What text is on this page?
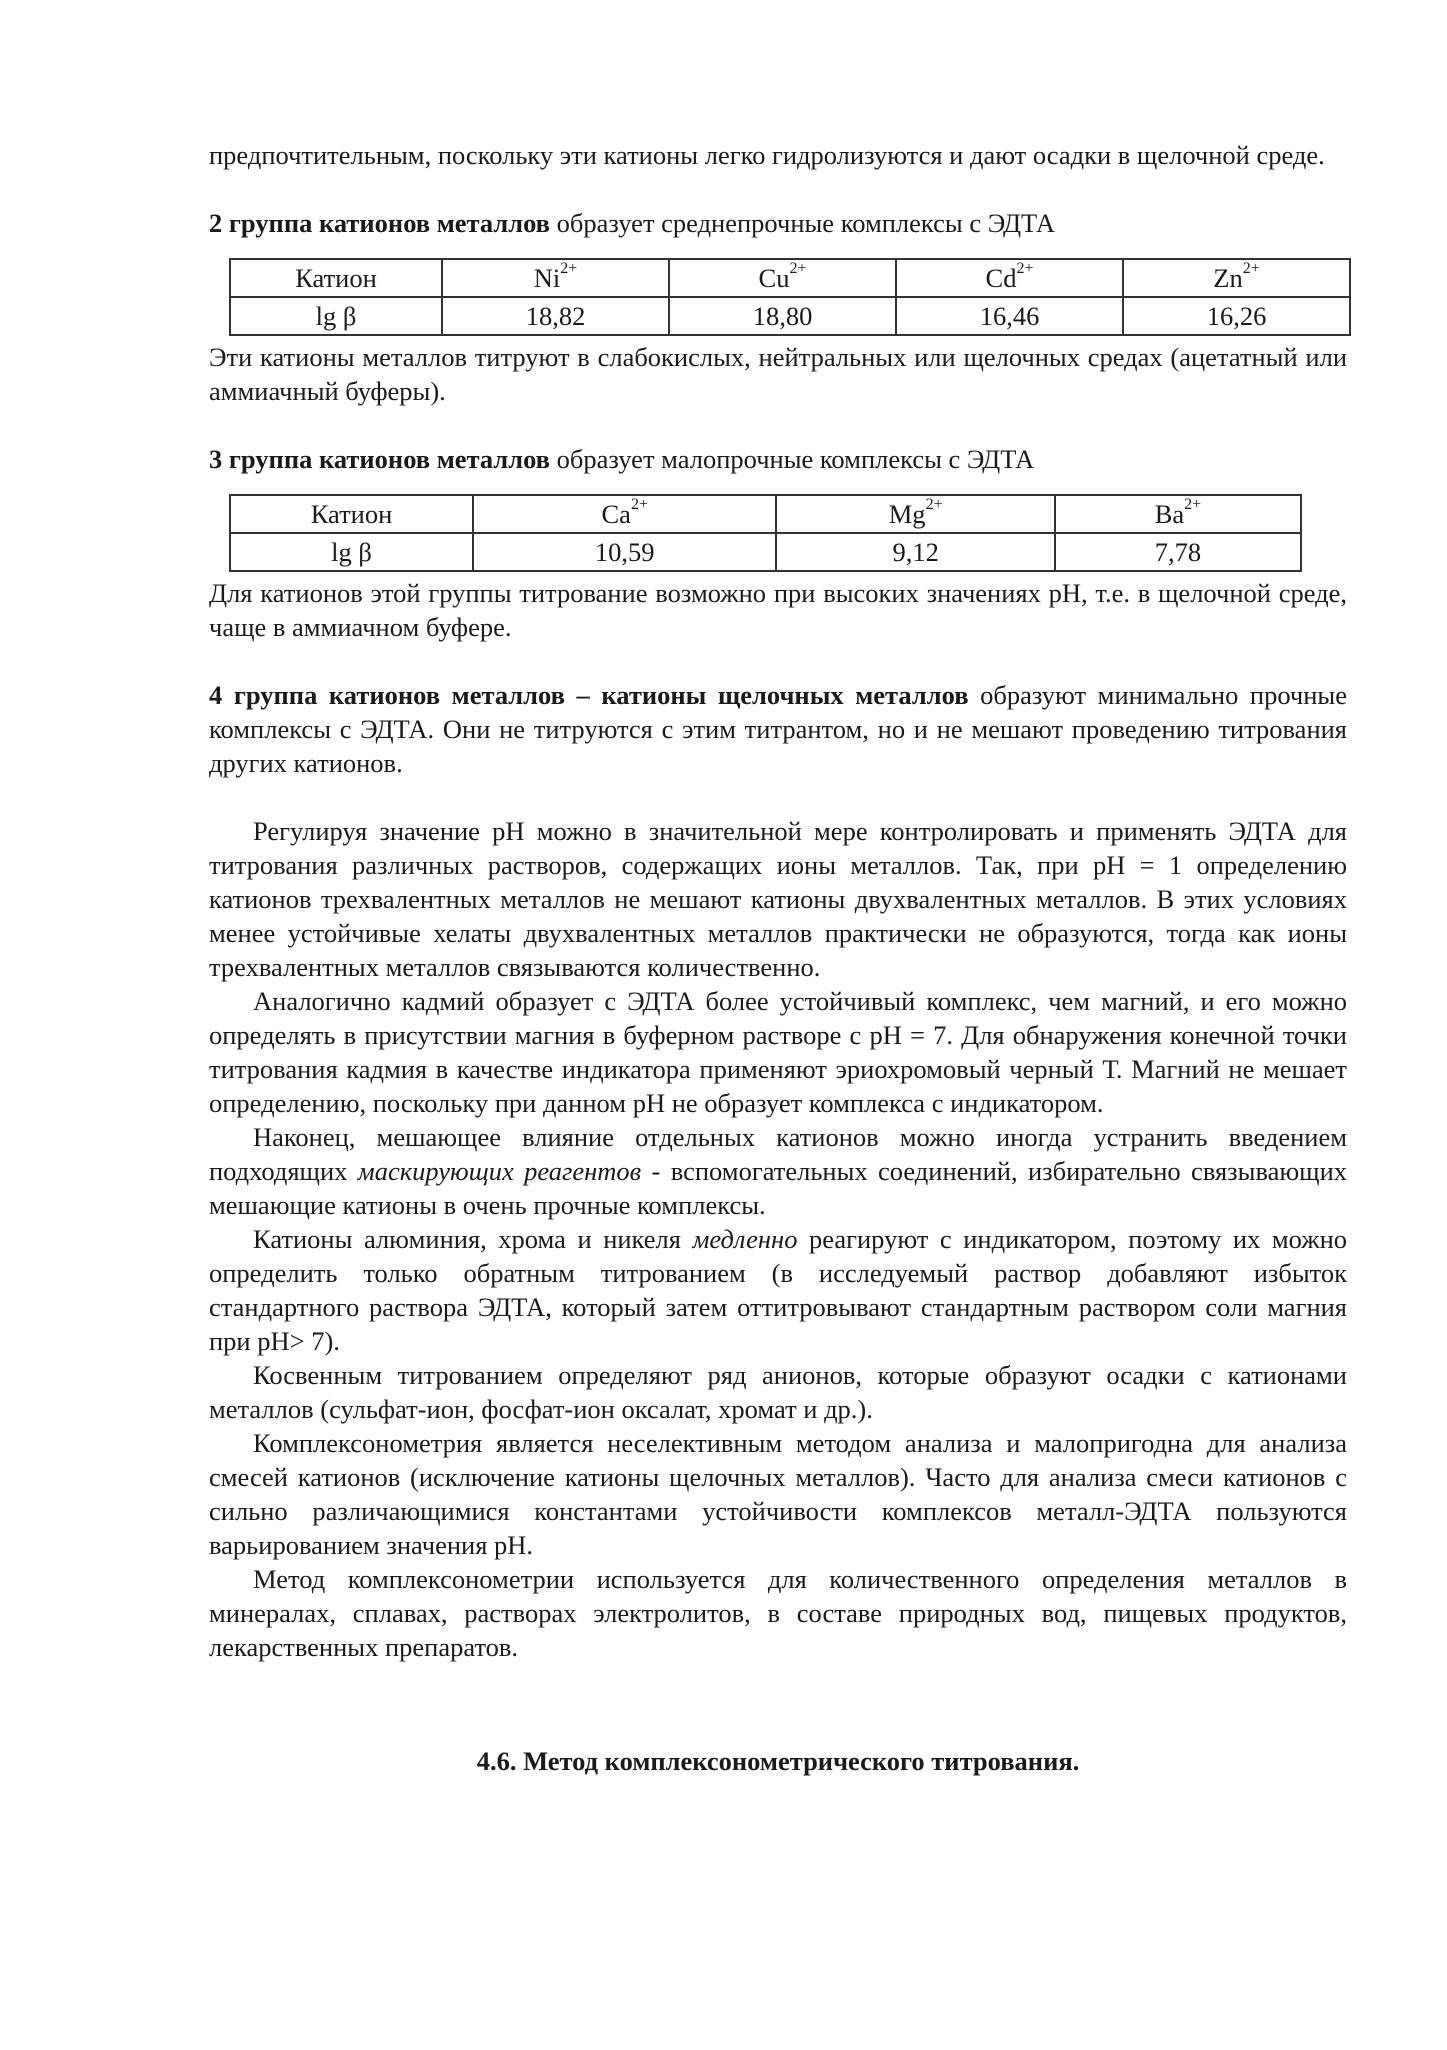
предпочтительным, поскольку эти катионы легко гидролизуются и дают осадки в щелочной среде.

2 группа катионов металлов образует среднепрочные комплексы с ЭДТА

Катион	$Ni^{2+}$	$Cu^{2+}$	$Cd^{2+}$	$Zn^{2+}$
lg β	18,82	18,80	16,46	16,26

Эти катионы металлов титруют в слабокислых, нейтральных или щелочных средах (ацетатный или аммиачный буферы).

3 группа катионов металлов образует малопрочные комплексы с ЭДТА

Катион	$Ca^{2+}$	$Mg^{2+}$	$Ba^{2+}$
lg β	10,59	9,12	7,78

Для катионов этой группы титрование возможно при высоких значениях pH, т.е. в щелочной среде, чаще в аммиачном буфере.

4 группа катионов металлов – катионы щелочных металлов образуют минимально прочные комплексы с ЭДТА. Они не титруются с этим титрантом, но и не мешают проведению титрования других катионов.

Регулируя значение pH можно в значительной мере контролировать и применять ЭДТА для титрования различных растворов, содержащих ионы металлов. Так, при pH = 1 определению катионов трехвалентных металлов не мешают катионы двухвалентных металлов. В этих условиях менее устойчивые хелаты двухвалентных металлов практически не образуются, тогда как ионы трехвалентных металлов связываются количественно.

Аналогично кадмий образует с ЭДТА более устойчивый комплекс, чем магний, и его можно определять в присутствии магния в буферном растворе с pH = 7. Для обнаружения конечной точки титрования кадмия в качестве индикатора применяют эриохромовый черный Т. Магний не мешает определению, поскольку при данном pH не образует комплекса с индикатором.

Наконец, мешающее влияние отдельных катионов можно иногда устранить введением подходящих маскирующих реагентов - вспомогательных соединений, избирательно связывающих мешающие катионы в очень прочные комплексы.

Катионы алюминия, хрома и никеля медленно реагируют с индикатором, поэтому их можно определить только обратным титрованием (в исследуемый раствор добавляют избыток стандартного раствора ЭДТА, который затем оттитровывают стандартным раствором соли магния при pH> 7).

Косвенным титрованием определяют ряд анионов, которые образуют осадки с катионами металлов (сульфат-ион, фосфат-ион оксалат, хромат и др.).

Комплексонометрия является неселективным методом анализа и малопригодна для анализа смесей катионов (исключение катионы щелочных металлов). Часто для анализа смеси катионов с сильно различающимися константами устойчивости комплексов металл-ЭДТА пользуются варьированием значения pH.

Метод комплексонометрии используется для количественного определения металлов в минералах, сплавах, растворах электролитов, в составе природных вод, пищевых продуктов, лекарственных препаратов.

4.6. Метод комплексонометрического титрования.
